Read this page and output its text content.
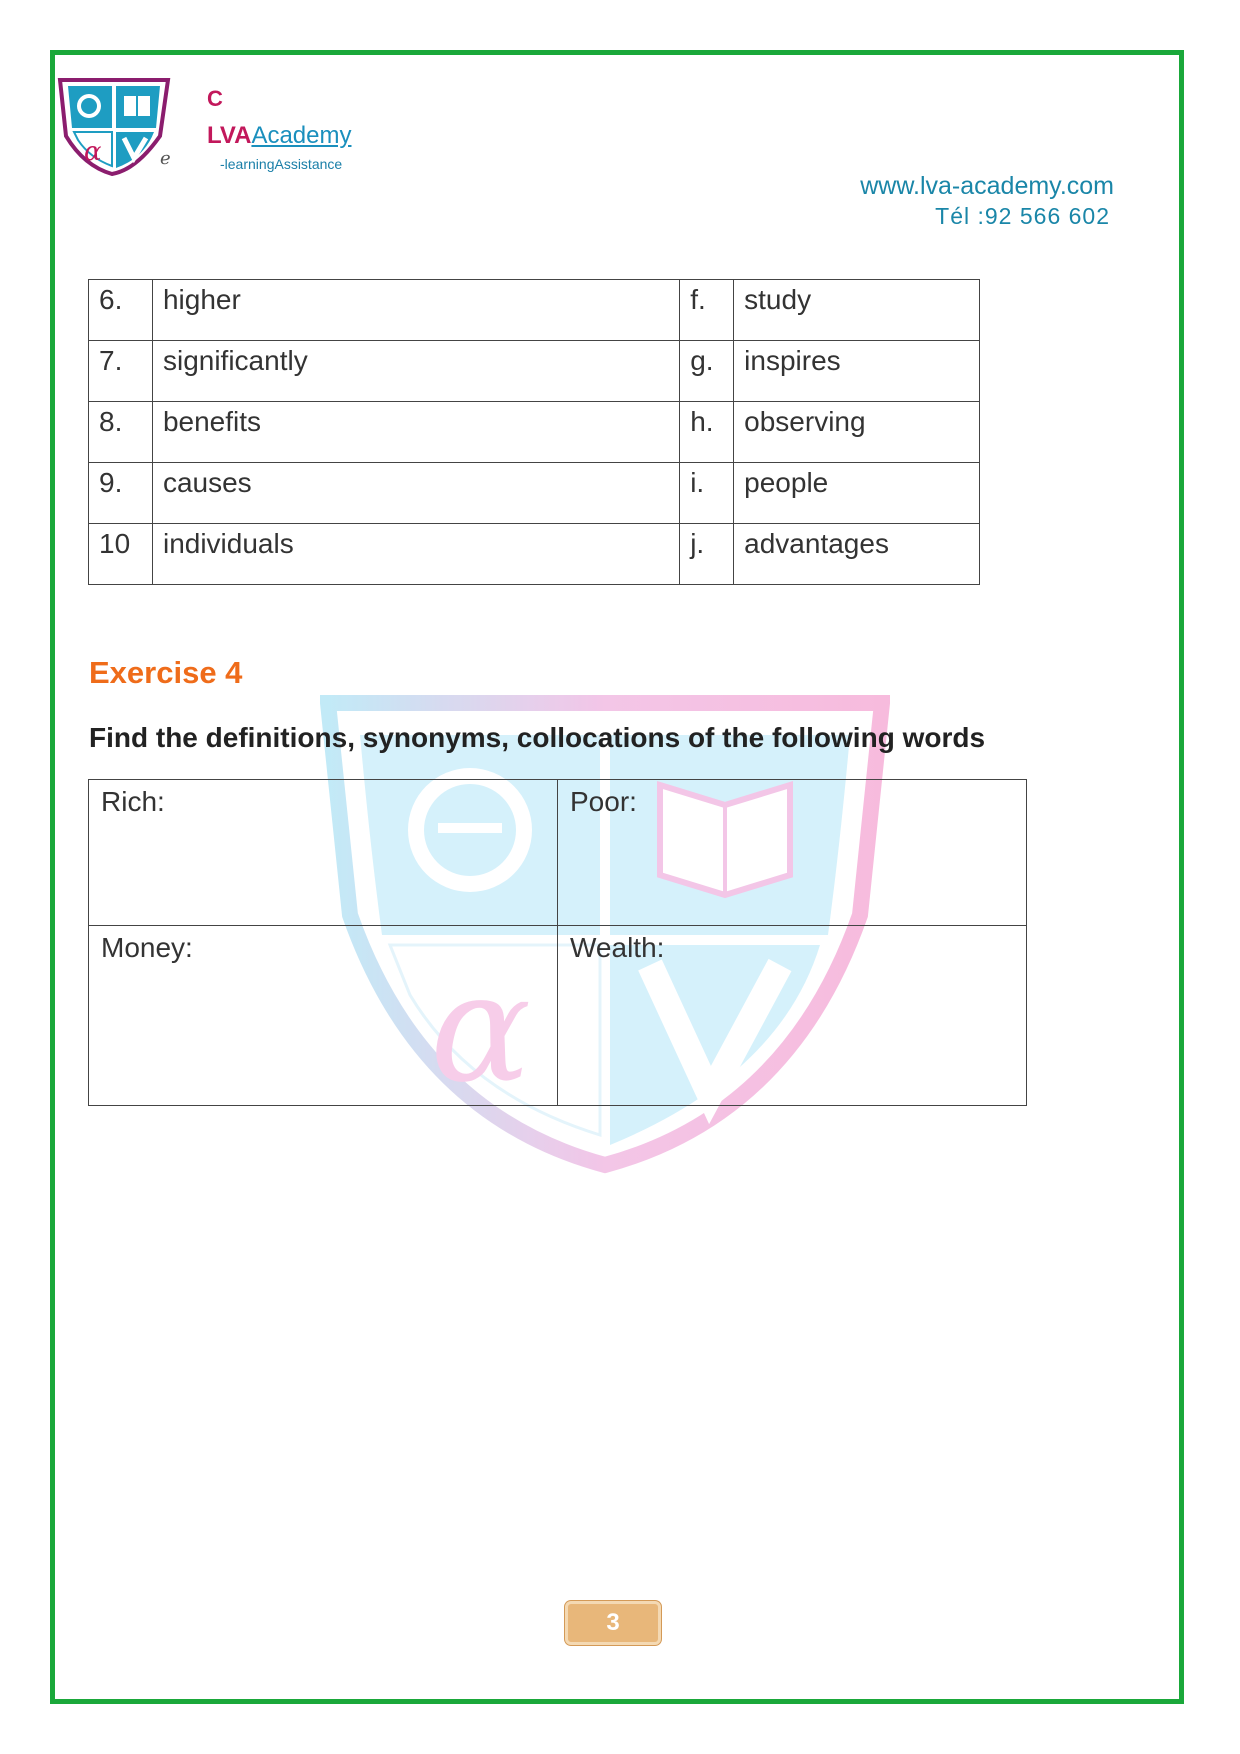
α	e
C
LVAAcademy
-learningAssistance
www.lva-academy.com
Tél :92 566 602
α
6.	higher	f.	study
7.	significantly	g.	inspires
8.	benefits	h.	observing
9.	causes	i.	people
10	individuals	j.	advantages
Exercise 4
Find the definitions, synonyms, collocations of the following words
Rich:	Poor:
Money:	Wealth:
3
